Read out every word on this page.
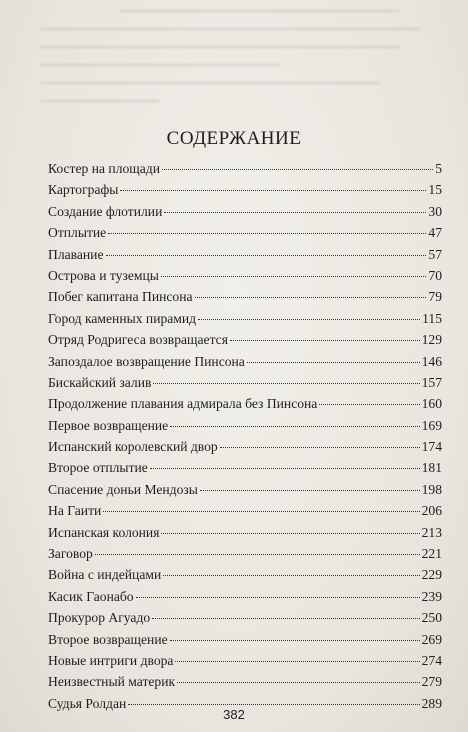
СОДЕРЖАНИЕ
Костер на площади	5
Картографы	15
Создание флотилии	30
Отплытие	47
Плавание	57
Острова и туземцы	70
Побег капитана Пинсона	79
Город каменных пирамид	115
Отряд Родригеса возвращается	129
Запоздалое возвращение Пинсона	146
Бискайский залив	157
Продолжение плавания адмирала без Пинсона	160
Первое возвращение	169
Испанский королевский двор	174
Второе отплытие	181
Спасение доньи Мендозы	198
На Гаити	206
Испанская колония	213
Заговор	221
Война с индейцами	229
Касик Гаонабо	239
Прокурор Агуадо	250
Второе возвращение	269
Новые интриги двора	274
Неизвестный материк	279
Судья Ролдан	289
382
